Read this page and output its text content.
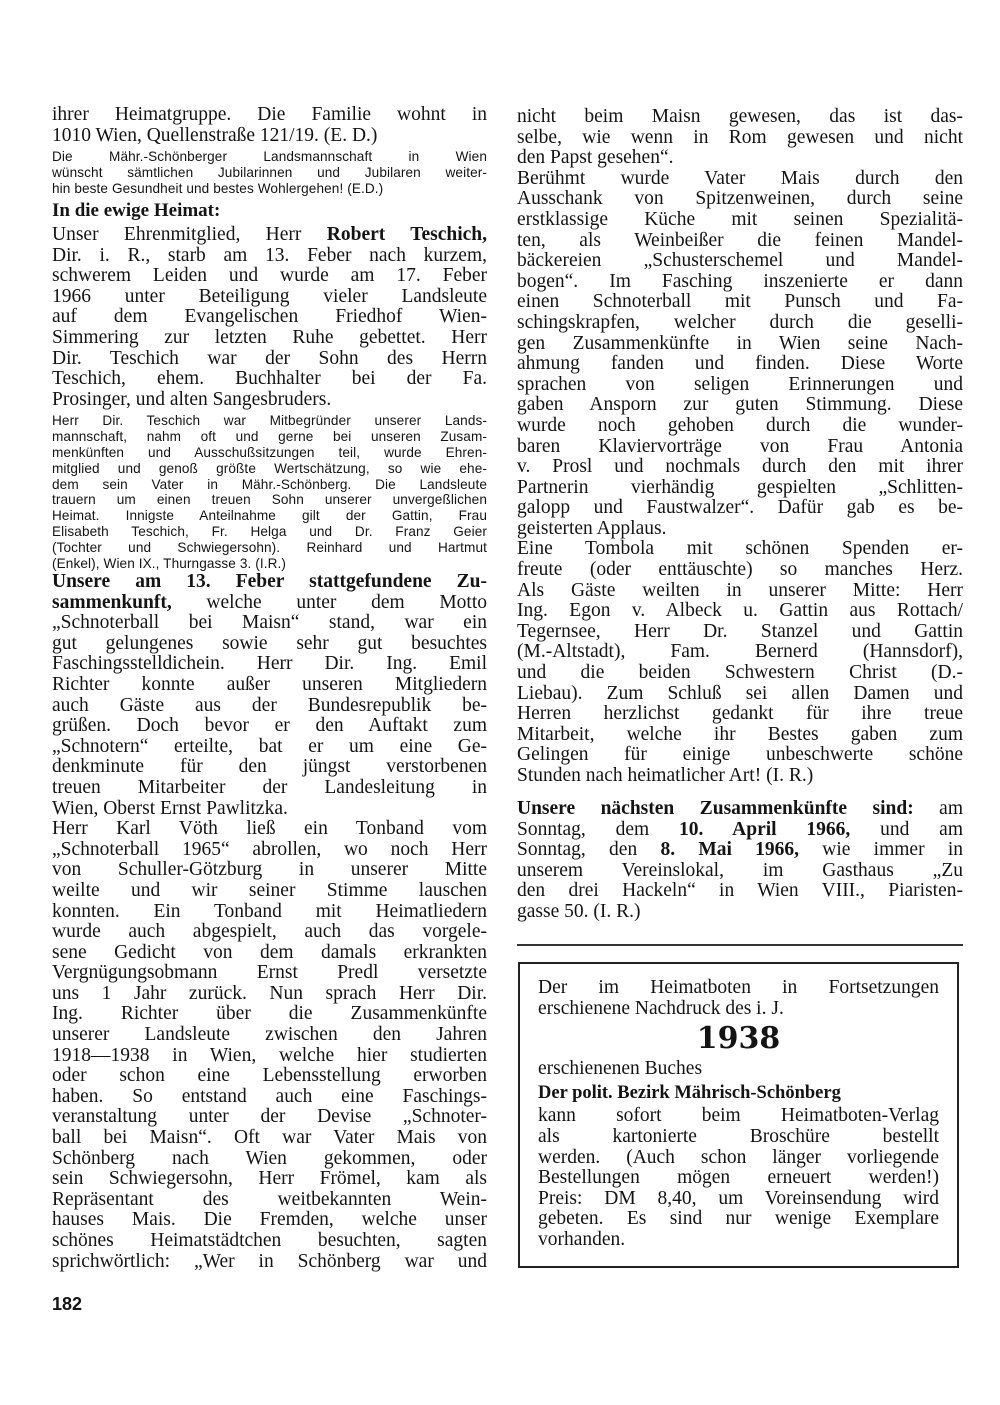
ihrer Heimatgruppe. Die Familie wohnt in
1010 Wien, Quellenstraße 121/19. (E. D.)
Die Mähr.-Schönberger Landsmannschaft in Wien
wünscht sämtlichen Jubilarinnen und Jubilaren weiter-
hin beste Gesundheit und bestes Wohlergehen! (E.D.)
In die ewige Heimat:
Unser Ehrenmitglied, Herr Robert Teschich,
Dir. i. R., starb am 13. Feber nach kurzem,
schwerem Leiden und wurde am 17. Feber
1966 unter Beteiligung vieler Landsleute
auf dem Evangelischen Friedhof Wien-
Simmering zur letzten Ruhe gebettet. Herr
Dir. Teschich war der Sohn des Herrn
Teschich, ehem. Buchhalter bei der Fa.
Prosinger, und alten Sangesbruders.
Herr Dir. Teschich war Mitbegründer unserer Lands-
mannschaft, nahm oft und gerne bei unseren Zusam-
menkünften und Ausschußsitzungen teil, wurde Ehren-
mitglied und genoß größte Wertschätzung, so wie ehe-
dem sein Vater in Mähr.-Schönberg. Die Landsleute
trauern um einen treuen Sohn unserer unvergeßlichen
Heimat. Innigste Anteilnahme gilt der Gattin, Frau
Elisabeth Teschich, Fr. Helga und Dr. Franz Geier
(Tochter und Schwiegersohn). Reinhard und Hartmut
(Enkel), Wien IX., Thurngasse 3. (I.R.)
Unsere am 13. Feber stattgefundene Zu-
sammenkunft, welche unter dem Motto
„Schnoterball bei Maisn“ stand, war ein
gut gelungenes sowie sehr gut besuchtes
Faschingsstelldichein. Herr Dir. Ing. Emil
Richter konnte außer unseren Mitgliedern
auch Gäste aus der Bundesrepublik be-
grüßen. Doch bevor er den Auftakt zum
„Schnotern“ erteilte, bat er um eine Ge-
denkminute für den jüngst verstorbenen
treuen Mitarbeiter der Landesleitung in
Wien, Oberst Ernst Pawlitzka.
Herr Karl Vöth ließ ein Tonband vom
„Schnoterball 1965“ abrollen, wo noch Herr
von Schuller-Götzburg in unserer Mitte
weilte und wir seiner Stimme lauschen
konnten. Ein Tonband mit Heimatliedern
wurde auch abgespielt, auch das vorgele-
sene Gedicht von dem damals erkrankten
Vergnügungsobmann Ernst Predl versetzte
uns 1 Jahr zurück. Nun sprach Herr Dir.
Ing. Richter über die Zusammenkünfte
unserer Landsleute zwischen den Jahren
1918—1938 in Wien, welche hier studierten
oder schon eine Lebensstellung erworben
haben. So entstand auch eine Faschings-
veranstaltung unter der Devise „Schnoter-
ball bei Maisn“. Oft war Vater Mais von
Schönberg nach Wien gekommen, oder
sein Schwiegersohn, Herr Frömel, kam als
Repräsentant des weitbekannten Wein-
hauses Mais. Die Fremden, welche unser
schönes Heimatstädtchen besuchten, sagten
sprichwörtlich: „Wer in Schönberg war und
nicht beim Maisn gewesen, das ist das-
selbe, wie wenn in Rom gewesen und nicht
den Papst gesehen“.
Berühmt wurde Vater Mais durch den
Ausschank von Spitzenweinen, durch seine
erstklassige Küche mit seinen Spezialitä-
ten, als Weinbeißer die feinen Mandel-
bäckereien „Schusterschemel und Mandel-
bogen“. Im Fasching inszenierte er dann
einen Schnoterball mit Punsch und Fa-
schingskrapfen, welcher durch die geselli-
gen Zusammenkünfte in Wien seine Nach-
ahmung fanden und finden. Diese Worte
sprachen von seligen Erinnerungen und
gaben Ansporn zur guten Stimmung. Diese
wurde noch gehoben durch die wunder-
baren Klaviervorträge von Frau Antonia
v. Prosl und nochmals durch den mit ihrer
Partnerin vierhändig gespielten „Schlitten-
galopp und Faustwalzer“. Dafür gab es be-
geisterten Applaus.
Eine Tombola mit schönen Spenden er-
freute (oder enttäuschte) so manches Herz.
Als Gäste weilten in unserer Mitte: Herr
Ing. Egon v. Albeck u. Gattin aus Rottach/
Tegernsee, Herr Dr. Stanzel und Gattin
(M.-Altstadt), Fam. Bernerd (Hannsdorf),
und die beiden Schwestern Christ (D.-
Liebau). Zum Schluß sei allen Damen und
Herren herzlichst gedankt für ihre treue
Mitarbeit, welche ihr Bestes gaben zum
Gelingen für einige unbeschwerte schöne
Stunden nach heimatlicher Art! (I. R.)
Unsere nächsten Zusammenkünfte sind: am
Sonntag, dem 10. April 1966, und am
Sonntag, den 8. Mai 1966, wie immer in
unserem Vereinslokal, im Gasthaus „Zu
den drei Hackeln“ in Wien VIII., Piaristen-
gasse 50. (I. R.)
Der im Heimatboten in Fortsetzungen
erschienene Nachdruck des i. J.
1938
erschienenen Buches
Der polit. Bezirk Mährisch-Schönberg
kann sofort beim Heimatboten-Verlag
als kartonierte Broschüre bestellt
werden. (Auch schon länger vorliegende
Bestellungen mögen erneuert werden!)
Preis: DM 8,40, um Voreinsendung wird
gebeten. Es sind nur wenige Exemplare
vorhanden.
182
